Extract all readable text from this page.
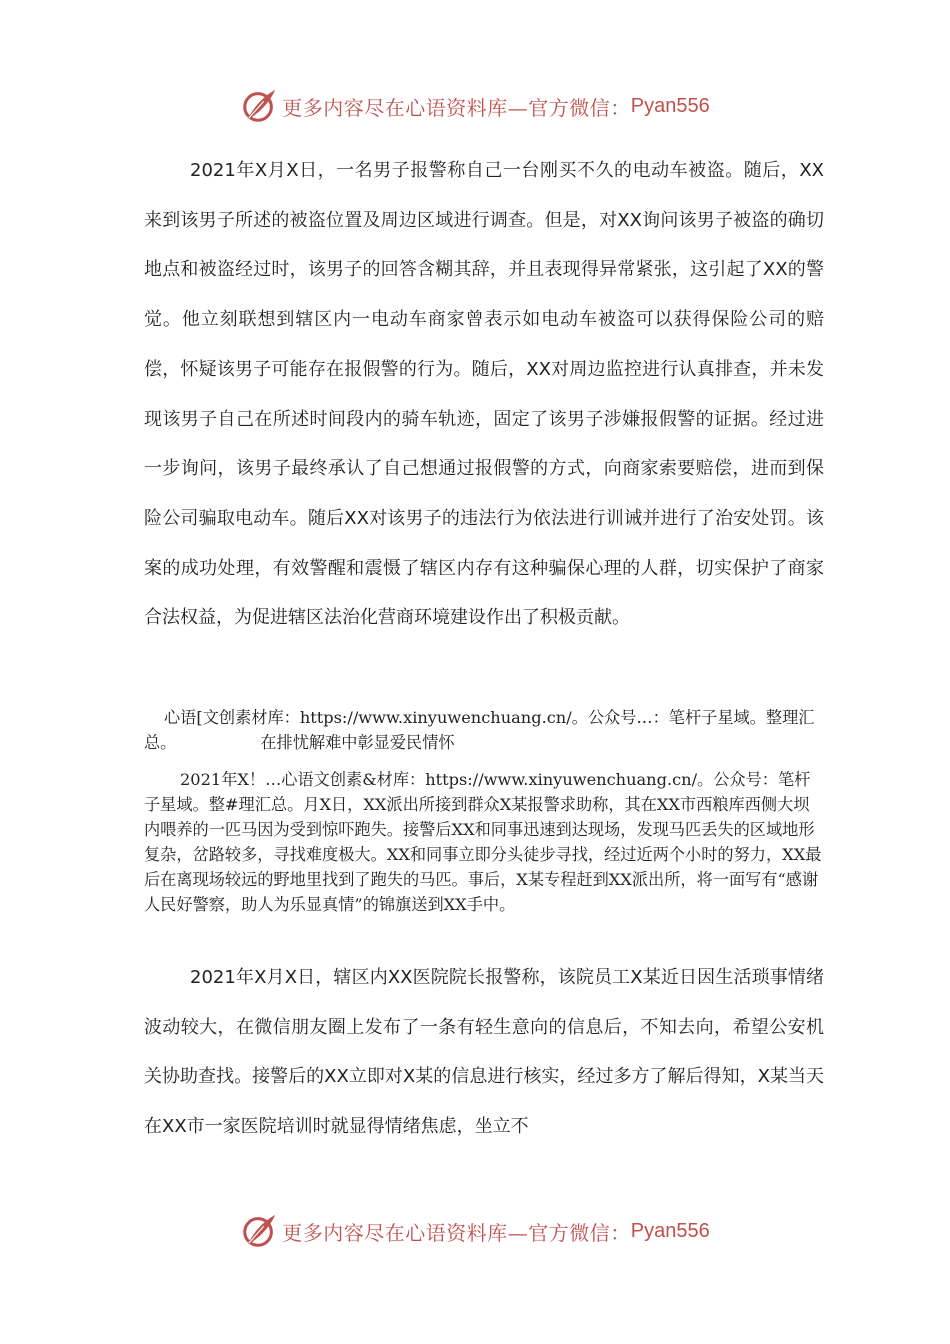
更多内容尽在心语资料库—官方微信： Pyan556

2021年X月X日，一名男子报警称自己一台刚买不久的电动车被盗。随后，XX来到该男子所述的被盗位置及周边区域进行调查。但是，对XX询问该男子被盗的确切地点和被盗经过时，该男子的回答含糊其辞，并且表现得异常紧张，这引起了XX的警觉。他立刻联想到辖区内一电动车商家曾表示如电动车被盗可以获得保险公司的赔偿，怀疑该男子可能存在报假警的行为。随后，XX对周边监控进行认真排查，并未发现该男子自己在所述时间段内的骑车轨迹，固定了该男子涉嫌报假警的证据。经过进一步询问，该男子最终承认了自己想通过报假警的方式，向商家索要赔偿，进而到保险公司骗取电动车。随后XX对该男子的违法行为依法进行训诫并进行了治安处罚。该案的成功处理，有效警醒和震慑了辖区内存有这种骗保心理的人群，切实保护了商家合法权益，为促进辖区法治化营商环境建设作出了积极贡献。

心语[文创素材库：https://www.xinyuwenchuang.cn/。公众号…：笔杆子星域。整理汇总。	在排忧解难中彰显爱民情怀

2021年X！…心语文创素&材库：https://www.xinyuwenchuang.cn/。公众号：笔杆子星域。整#理汇总。月X日，XX派出所接到群众X某报警求助称，其在XX市西粮库西侧大坝内喂养的一匹马因为受到惊吓跑失。接警后XX和同事迅速到达现场，发现马匹丢失的区域地形复杂，岔路较多，寻找难度极大。XX和同事立即分头徒步寻找，经过近两个小时的努力，XX最后在离现场较远的野地里找到了跑失的马匹。事后，X某专程赶到XX派出所，将一面写有“感谢人民好警察，助人为乐显真情”的锦旗送到XX手中。

2021年X月X日，辖区内XX医院院长报警称，该院员工X某近日因生活琐事情绪波动较大，在微信朋友圈上发布了一条有轻生意向的信息后，不知去向，希望公安机关协助查找。接警后的XX立即对X某的信息进行核实，经过多方了解后得知，X某当天在XX市一家医院培训时就显得情绪焦虑，坐立不

更多内容尽在心语资料库—官方微信： Pyan556
